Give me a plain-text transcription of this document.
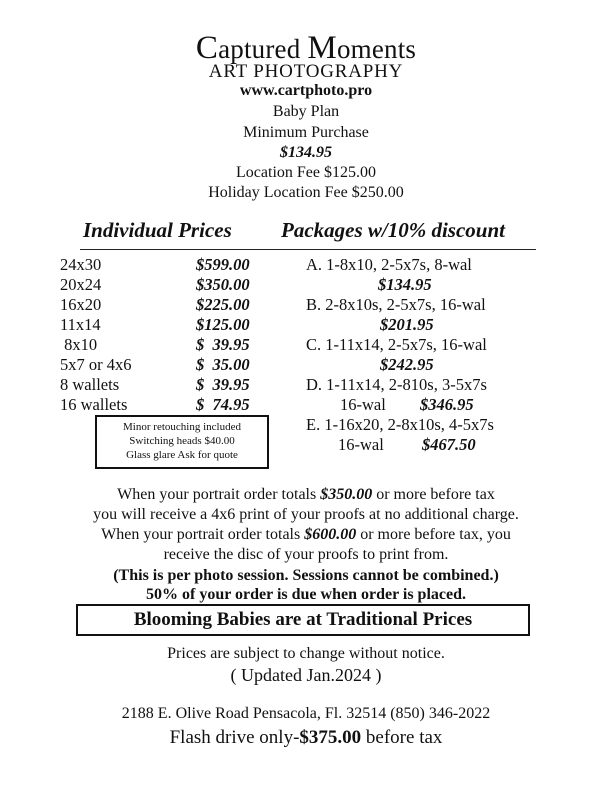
Captured Moments
ART PHOTOGRAPHY
www.cartphoto.pro
Baby Plan
Minimum Purchase
$134.95
Location Fee $125.00
Holiday Location Fee $250.00
Individual Prices Packages w/10% discount
24x30	$599.00
20x24	$350.00
16x20	$225.00
11x14	$125.00
8x10	$  39.95
5x7 or 4x6	$  35.00
8 wallets	$  39.95
16 wallets	$  74.95
Minor retouching included
Switching heads $40.00
Glass glare Ask for quote
A. 1-8x10, 2-5x7s, 8-wal
$134.95
B. 2-8x10s, 2-5x7s, 16-wal
$201.95
C. 1-11x14, 2-5x7s, 16-wal
$242.95
D. 1-11x14, 2-810s, 3-5x7s
16-wal $346.95
E. 1-16x20, 2-8x10s, 4-5x7s
16-wal $467.50
When your portrait order totals $350.00 or more before tax
you will receive a 4x6 print of your proofs at no additional charge.
When your portrait order totals $600.00 or more before tax, you
receive the disc of your proofs to print from.
(This is per photo session. Sessions cannot be combined.)
50% of your order is due when order is placed.
Blooming Babies are at Traditional Prices
Prices are subject to change without notice.
( Updated Jan.2024 )
2188 E. Olive Road Pensacola, Fl. 32514 (850) 346-2022
Flash drive only-$375.00 before tax
